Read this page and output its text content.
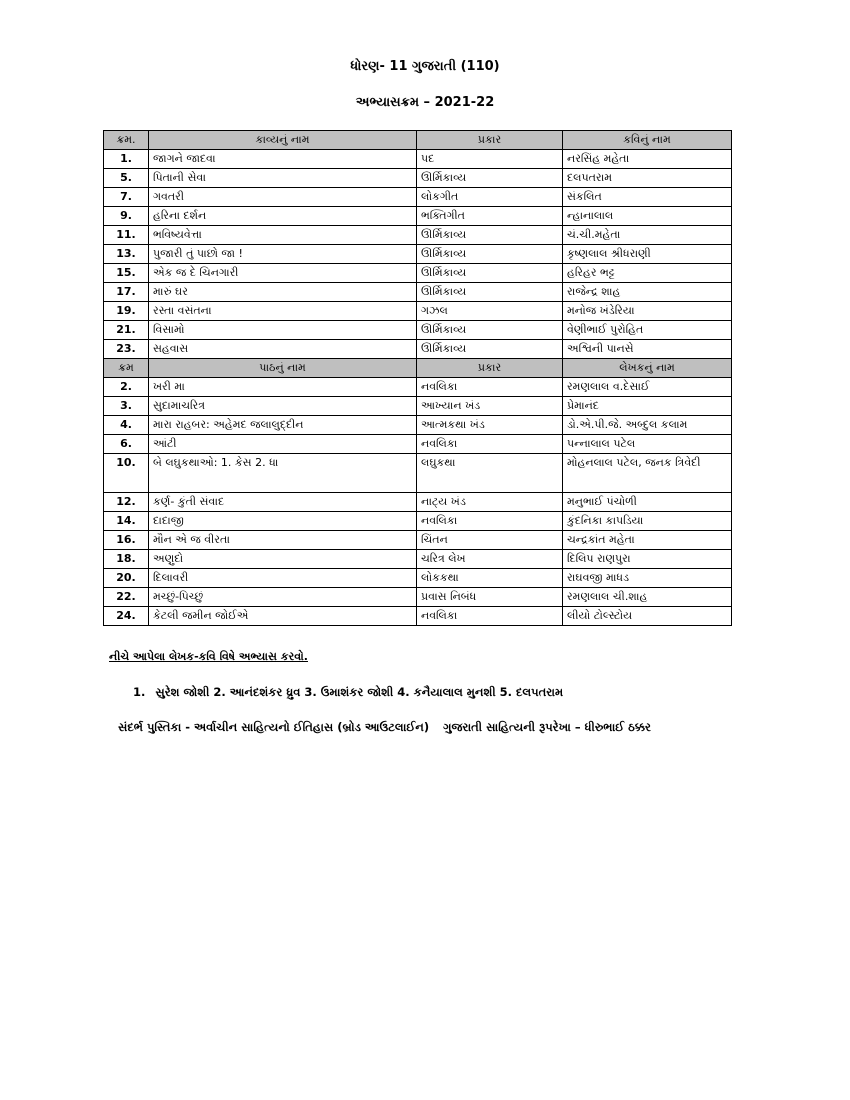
ધોરણ- 11 ગુજરાતી (110)
અભ્યાસક્રમ – 2021-22
ક્રમ.	કાવ્યનું નામ	પ્રકાર	કવિનું નામ
1.	જાગને જાદવા	પદ	નરસિંહ મહેતા
5.	પિતાની સેવા	ઊર્મિકાવ્ય	દલપતરામ
7.	ગવતરી	લોકગીત	સંકલિત
9.	હરિના દર્શન	ભક્તિગીત	ન્હાનાલાલ
11.	ભવિષ્યવેત્તા	ઊર્મિકાવ્ય	ચં.ચી.મહેતા
13.	પુજારી તું પાછો જા !	ઊર્મિકાવ્ય	કૃષ્ણલાલ શ્રીધરાણી
15.	એક જ દે ચિનગારી	ઊર્મિકાવ્ય	હરિહર ભટ્ટ
17.	મારું ઘર	ઊર્મિકાવ્ય	રાજેન્દ્ર શાહ
19.	રસ્તા વસંતના	ગઝલ	મનોજ ખંડેરિયા
21.	વિસામો	ઊર્મિકાવ્ય	વેણીભાઈ પુરોહિત
23.	સહવાસ	ઊર્મિકાવ્ય	અશ્વિની પાનસે
ક્રમ	પાઠનું નામ	પ્રકાર	લેખકનું નામ
2.	ખરી મા	નવલિકા	રમણલાલ વ.દેસાઈ
3.	સુદામાચરિત્ર	આખ્યાન ખંડ	પ્રેમાનંદ
4.	મારા રાહબર: અહેમદ જલાલુદ્દીન	આત્મકથા ખંડ	ડો.એ.પી.જે. અબ્દુલ કલામ
6.	આંટી	નવલિકા	પન્નાલાલ પટેલ
10.	બે લઘુકથાઓ: 1. કેસ 2. ધા	લઘુકથા	મોહનલાલ પટેલ, જનક ત્રિવેદી
12.	કર્ણ- કુંતી સંવાદ	નાટ્ય ખંડ	મનુભાઈ પંચોળી
14.	દાદાજી	નવલિકા	કુંદનિકા કાપડિયા
16.	મૌન એ જ વીરતા	ચિંતન	ચન્દ્રકાંત મહેતા
18.	અણુદો	ચરિત્ર લેખ	દિલિપ રાણપુરા
20.	દિલાવરી	લોકકથા	રાઘવજી માધડ
22.	મચ્છું-પિચ્છું	પ્રવાસ નિબંધ	રમણલાલ ચી.શાહ
24.	કેટલી જમીન જોઈએ	નવલિકા	લીયો ટોલ્સ્ટોય
નીચે આપેલા લેખક-કવિ વિષે અભ્યાસ કરવો.
1. સુરેશ જોશી 2. આનંદશંકર ધ્રુવ 3. ઉમાશંકર જોશી 4. કનૈયાલાલ મુનશી 5. દલપતરામ
સંદર્ભ પુસ્તિકા - અર્વાચીન સાહિત્યનો ઈતિહાસ (બ્રોડ આઉટલાઈન) ગુજરાતી સાહિત્યની રૂપરેખા – ધીરુભાઈ ઠક્કર
